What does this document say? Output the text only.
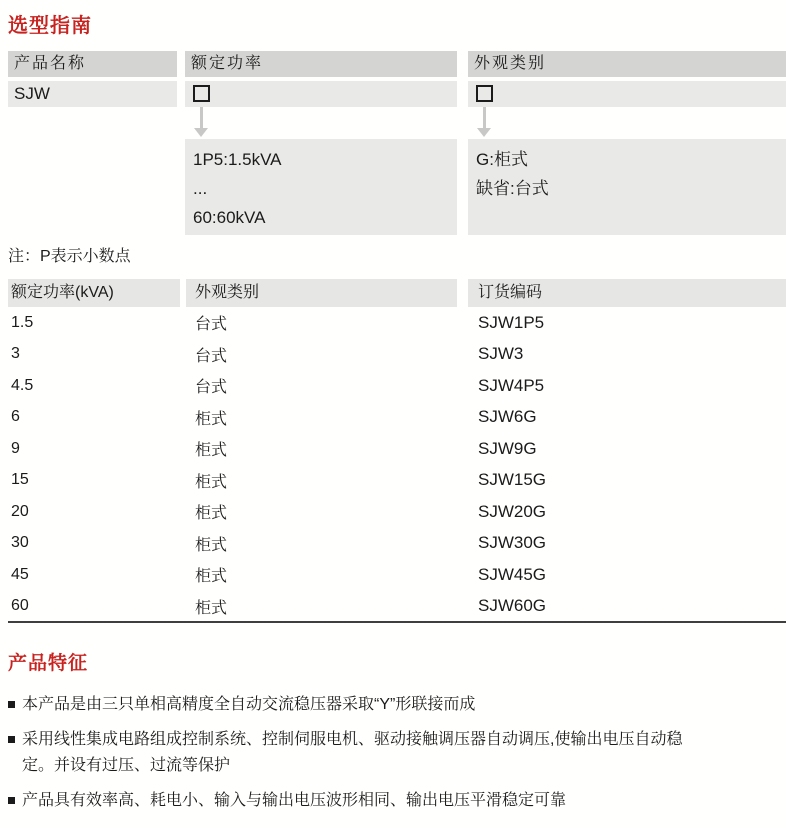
选型指南
产品名称	额定功率	外观类别
SJW
1P5:1.5kVA
...
60:60kVA
G:柜式
缺省:台式
注：P表示小数点
额定功率(kVA)	外观类别	订货编码

1.5	台式	SJW1P5
3	台式	SJW3
4.5	台式	SJW4P5
6	柜式	SJW6G
9	柜式	SJW9G
15	柜式	SJW15G
20	柜式	SJW20G
30	柜式	SJW30G
45	柜式	SJW45G
60	柜式	SJW60G
产品特征
本产品是由三只单相高精度全自动交流稳压器采取“Y”形联接而成
采用线性集成电路组成控制系统、控制伺服电机、驱动接触调压器自动调压,使输出电压自动稳定。并设有过压、过流等保护
产品具有效率高、耗电小、输入与输出电压波形相同、输出电压平滑稳定可靠
